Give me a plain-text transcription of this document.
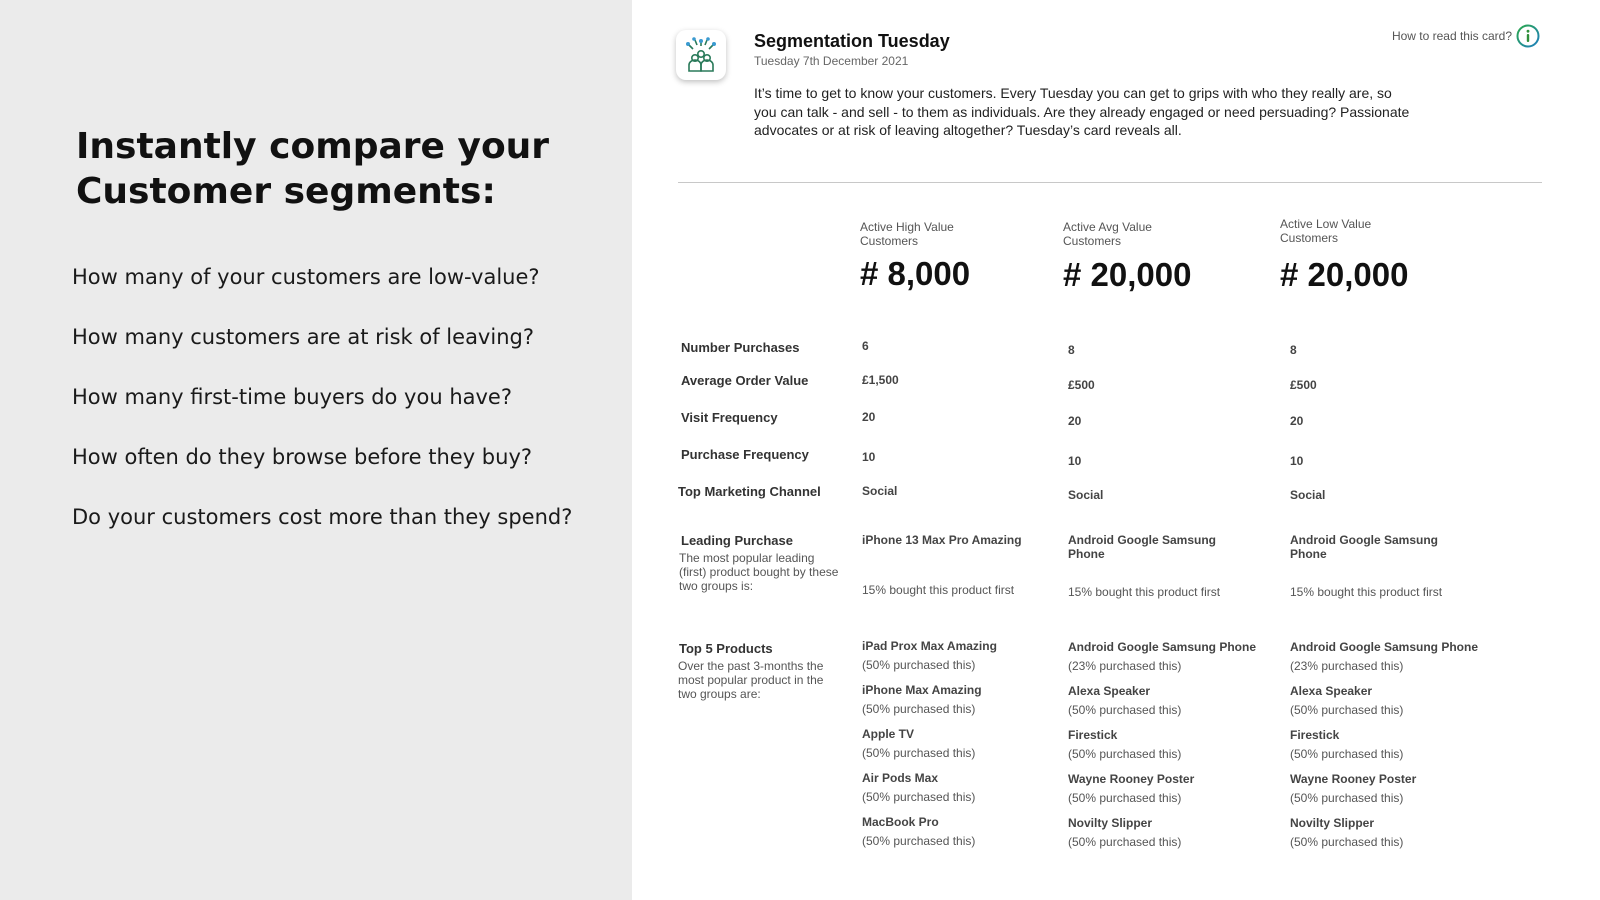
Instantly compare your Customer segments:
How many of your customers are low-value?
How many customers are at risk of leaving?
How many first-time buyers do you have?
How often do they browse before they buy?
Do your customers cost more than they spend?
Segmentation Tuesday
Tuesday 7th December 2021
It’s time to get to know your customers. Every Tuesday you can get to grips with who they really are, so you can talk - and sell - to them as individuals. Are they already engaged or need persuading? Passionate advocates or at risk of leaving altogether? Tuesday’s card reveals all.
How to read this card?
Active High Value Customers
Active Avg Value Customers
Active Low Value Customers
# 8,000	# 20,000	# 20,000
Number Purchases
Average Order Value
Visit Frequency
Purchase Frequency
Top Marketing Channel
Leading Purchase
The most popular leading (first) product bought by these two groups is:
Top 5 Products
Over the past 3-months the most popular product in the two groups are:
6
£1,500
20
10
Social
iPhone 13 Max Pro Amazing
15% bought this product first
iPad Prox Max Amazing
(50% purchased this)
iPhone Max Amazing
(50% purchased this)
Apple TV
(50% purchased this)
Air Pods Max
(50% purchased this)
MacBook Pro
(50% purchased this)
8
£500
20
10
Social
Android Google Samsung Phone
15% bought this product first
Android Google Samsung Phone
(23% purchased this)
Alexa Speaker
(50% purchased this)
Firestick
(50% purchased this)
Wayne Rooney Poster
(50% purchased this)
Novilty Slipper
(50% purchased this)
8
£500
20
10
Social
Android Google Samsung Phone
15% bought this product first
Android Google Samsung Phone
(23% purchased this)
Alexa Speaker
(50% purchased this)
Firestick
(50% purchased this)
Wayne Rooney Poster
(50% purchased this)
Novilty Slipper
(50% purchased this)
